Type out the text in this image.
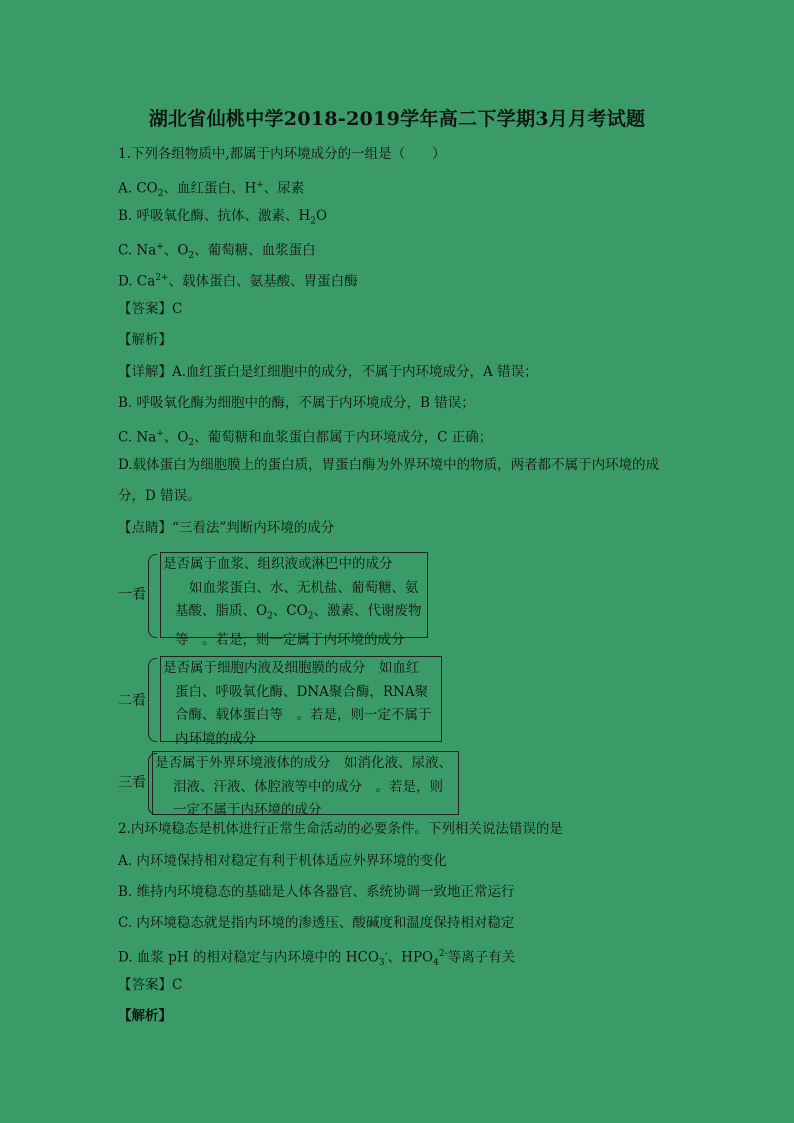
湖北省仙桃中学2018-2019学年高二下学期3月月考试题
1.下列各组物质中,都属于内环境成分的一组是（　　）
A. $CO_2$、血红蛋白、H+、尿素
B. 呼吸氧化酶、抗体、激素、$H_2O$
C. Na+、$O_2$、葡萄糖、血浆蛋白
D. $Ca^{2+}$、载体蛋白、氨基酸、胃蛋白酶
【答案】C
【解析】
【详解】A.血红蛋白是红细胞中的成分，不属于内环境成分，A 错误；
B. 呼吸氧化酶为细胞中的酶，不属于内环境成分，B 错误；
C. Na+、$O_2$、葡萄糖和血浆蛋白都属于内环境成分，C 正确；
D.载体蛋白为细胞膜上的蛋白质，胃蛋白酶为外界环境中的物质，两者都不属于内环境的成
分，D 错误。
【点睛】“三看法”判断内环境的成分
一看
是否属于血浆、组织液或淋巴中的成分
如血浆蛋白、水、无机盐、葡萄糖、氨
基酸、脂质、$O_2$、$CO_2$、激素、代谢废物
等　。若是，则一定属于内环境的成分
二看
是否属于细胞内液及细胞膜的成分　如血红
蛋白、呼吸氧化酶、DNA聚合酶，RNA聚
合酶、载体蛋白等　。若是，则一定不属于
内环境的成分
三看
是否属于外界环境液体的成分　如消化液、尿液、
泪液、汗液、体腔液等中的成分　。若是，则
一定不属于内环境的成分
2.内环境稳态是机体进行正常生命活动的必要条件。下列相关说法错误的是
A. 内环境保持相对稳定有利于机体适应外界环境的变化
B. 维持内环境稳态的基础是人体各器官、系统协调一致地正常运行
C. 内环境稳态就是指内环境的渗透压、酸碱度和温度保持相对稳定
D. 血浆 pH 的相对稳定与内环境中的 $HCO_3^-$、$HPO_4^{2-}$等离子有关
【答案】C
【解析】
